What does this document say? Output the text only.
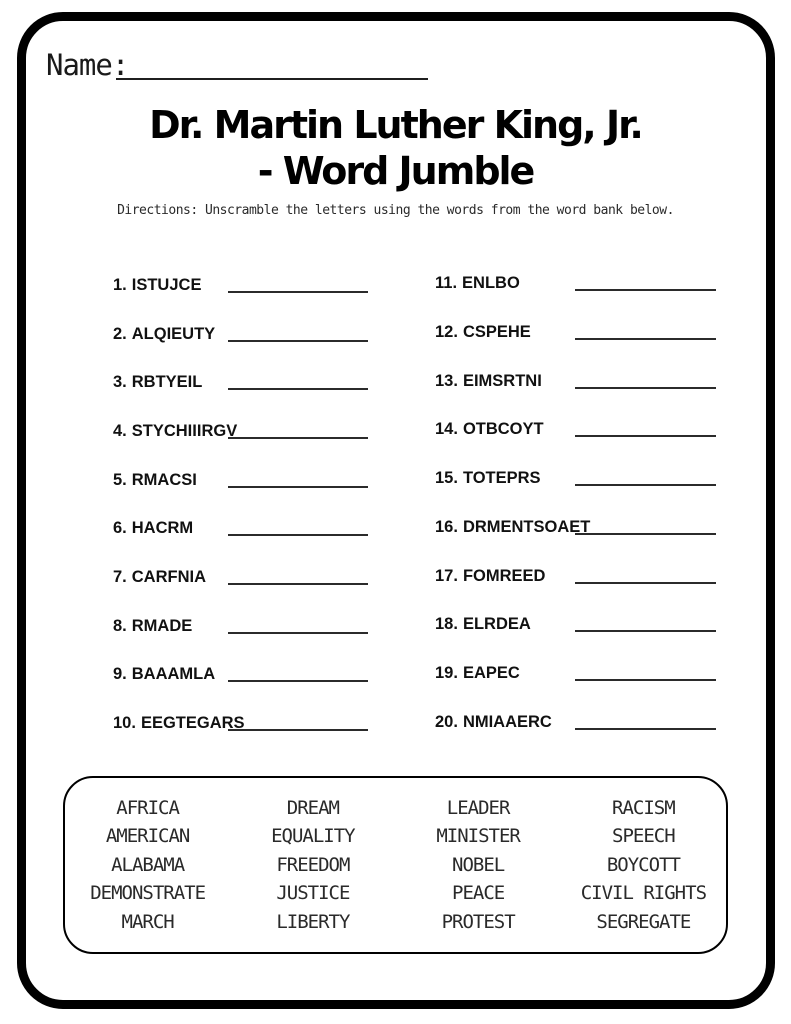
Name:
Dr. Martin Luther King, Jr.
- Word Jumble
Directions: Unscramble the letters using the words from the word bank below.
1. ISTUJCE
2. ALQIEUTY
3. RBTYEIL
4. STYCHIIIRGV
5. RMACSI
6. HACRM
7. CARFNIA
8. RMADE
9. BAAAMLA
10. EEGTEGARS
11. ENLBO
12. CSPEHE
13. EIMSRTNI
14. OTBCOYT
15. TOTEPRS
16. DRMENTSOAET
17. FOMREED
18. ELRDEA
19. EAPEC
20. NMIAAERC
AFRICA
AMERICAN
ALABAMA
DEMONSTRATE
MARCH
DREAM
EQUALITY
FREEDOM
JUSTICE
LIBERTY
LEADER
MINISTER
NOBEL
PEACE
PROTEST
RACISM
SPEECH
BOYCOTT
CIVIL RIGHTS
SEGREGATE
